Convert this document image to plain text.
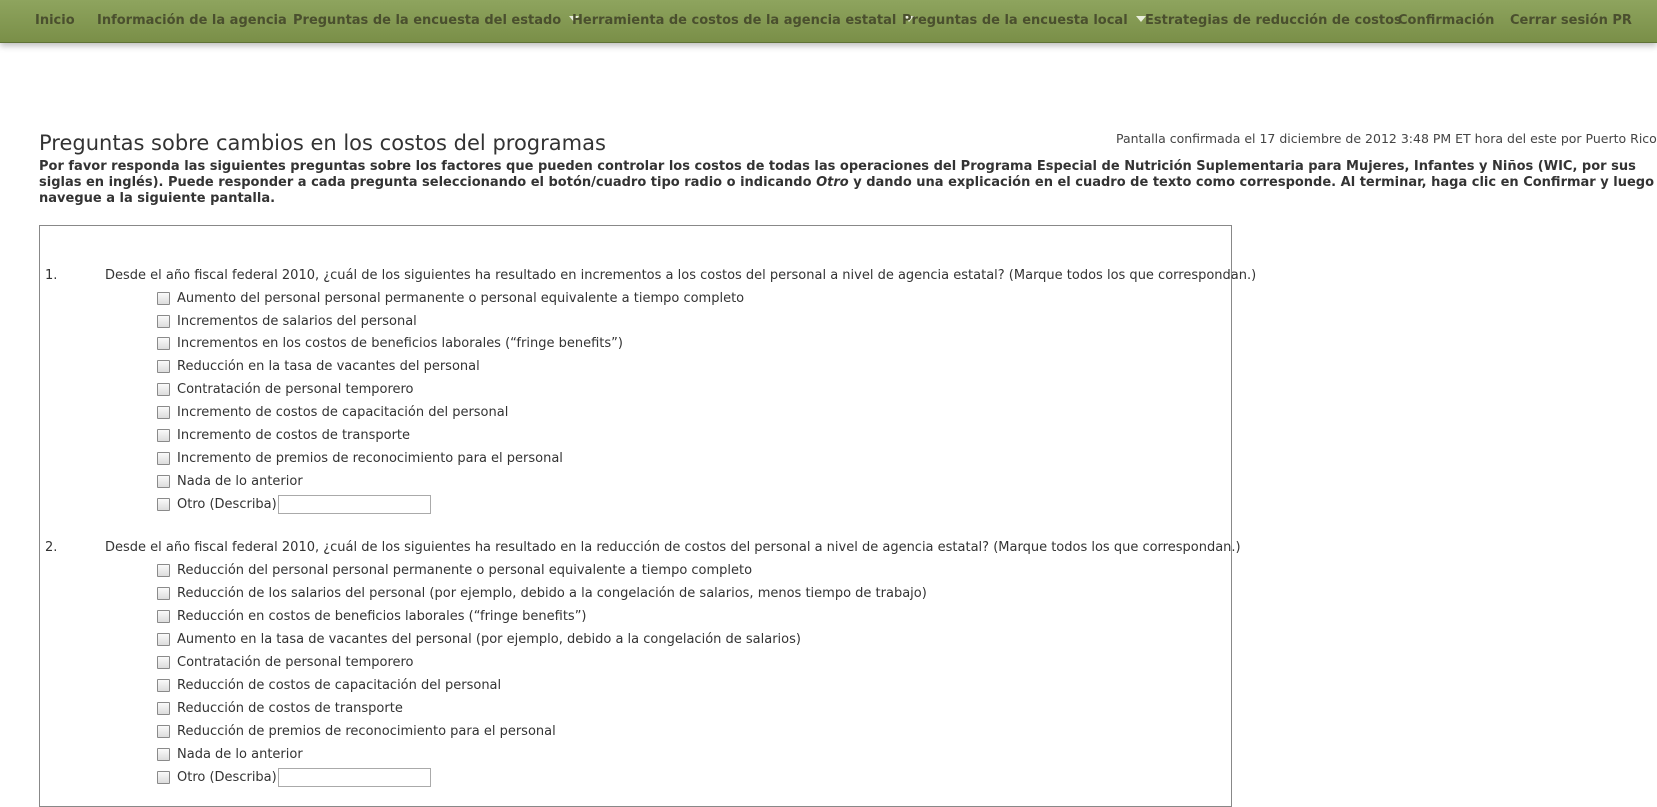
Inicio Información de la agencia Preguntas de la encuesta del estado Herramienta de costos de la agencia estatal Preguntas de la encuesta local	Estrategias de reducción de costos
Confirmación Cerrar sesión PR
Preguntas sobre cambios en los costos del programas	Pantalla confirmada el 17 diciembre de 2012 3:48 PM ET hora del este por Puerto Rico
Por favor responda las siguientes preguntas sobre los factores que pueden controlar los costos de todas las operaciones del Programa Especial de Nutrición Suplementaria para Mujeres, Infantes y Niños (WIC, por sus siglas en inglés). Puede responder a cada pregunta seleccionando el botón/cuadro tipo radio o indicando Otro y dando una explicación en el cuadro de texto como corresponde. Al terminar, haga clic en Confirmar y luego navegue a la siguiente pantalla.
1.	Desde el año fiscal federal 2010, ¿cuál de los siguientes ha resultado en incrementos a los costos del personal a nivel de agencia estatal? (Marque todos los que correspondan.)
Aumento del personal personal permanente o personal equivalente a tiempo completo
Incrementos de salarios del personal
Incrementos en los costos de beneficios laborales (“fringe benefits”)
Reducción en la tasa de vacantes del personal
Contratación de personal temporero
Incremento de costos de capacitación del personal
Incremento de costos de transporte
Incremento de premios de reconocimiento para el personal
Nada de lo anterior
Otro (Describa)
2.	Desde el año fiscal federal 2010, ¿cuál de los siguientes ha resultado en la reducción de costos del personal a nivel de agencia estatal? (Marque todos los que correspondan.)
Reducción del personal personal permanente o personal equivalente a tiempo completo
Reducción de los salarios del personal (por ejemplo, debido a la congelación de salarios, menos tiempo de trabajo)
Reducción en costos de beneficios laborales (“fringe benefits”)
Aumento en la tasa de vacantes del personal (por ejemplo, debido a la congelación de salarios)
Contratación de personal temporero
Reducción de costos de capacitación del personal
Reducción de costos de transporte
Reducción de premios de reconocimiento para el personal
Nada de lo anterior
Otro (Describa)
